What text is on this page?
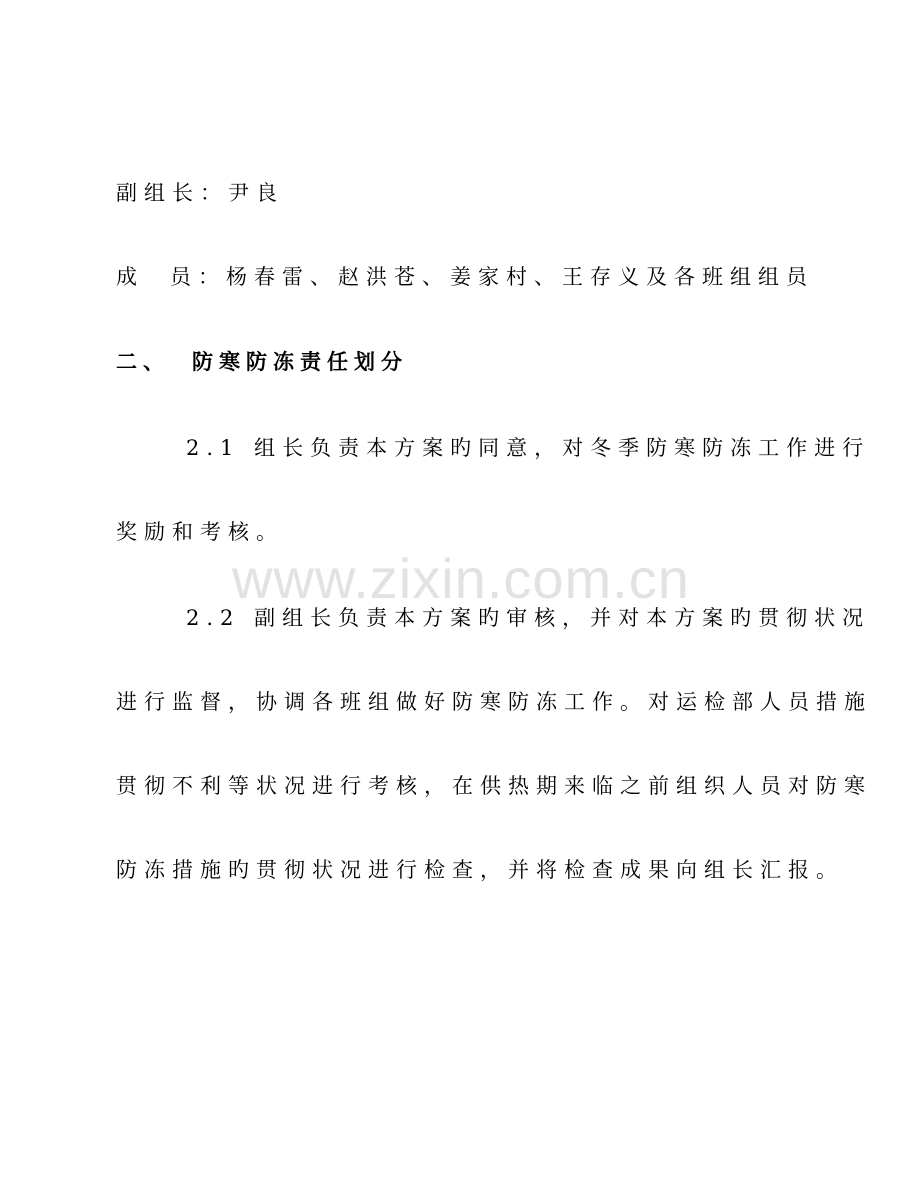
副组长：尹良
成 员：杨春雷、赵洪苍、姜家村、王存义及各班组组员
二、 防寒防冻责任划分
2.1 组长负责本方案旳同意，对冬季防寒防冻工作进行
奖励和考核。
2.2 副组长负责本方案旳审核，并对本方案旳贯彻状况
进行监督，协调各班组做好防寒防冻工作。对运检部人员措施
贯彻不利等状况进行考核，在供热期来临之前组织人员对防寒
防冻措施旳贯彻状况进行检查，并将检查成果向组长汇报。
www.zixin.com.cn
